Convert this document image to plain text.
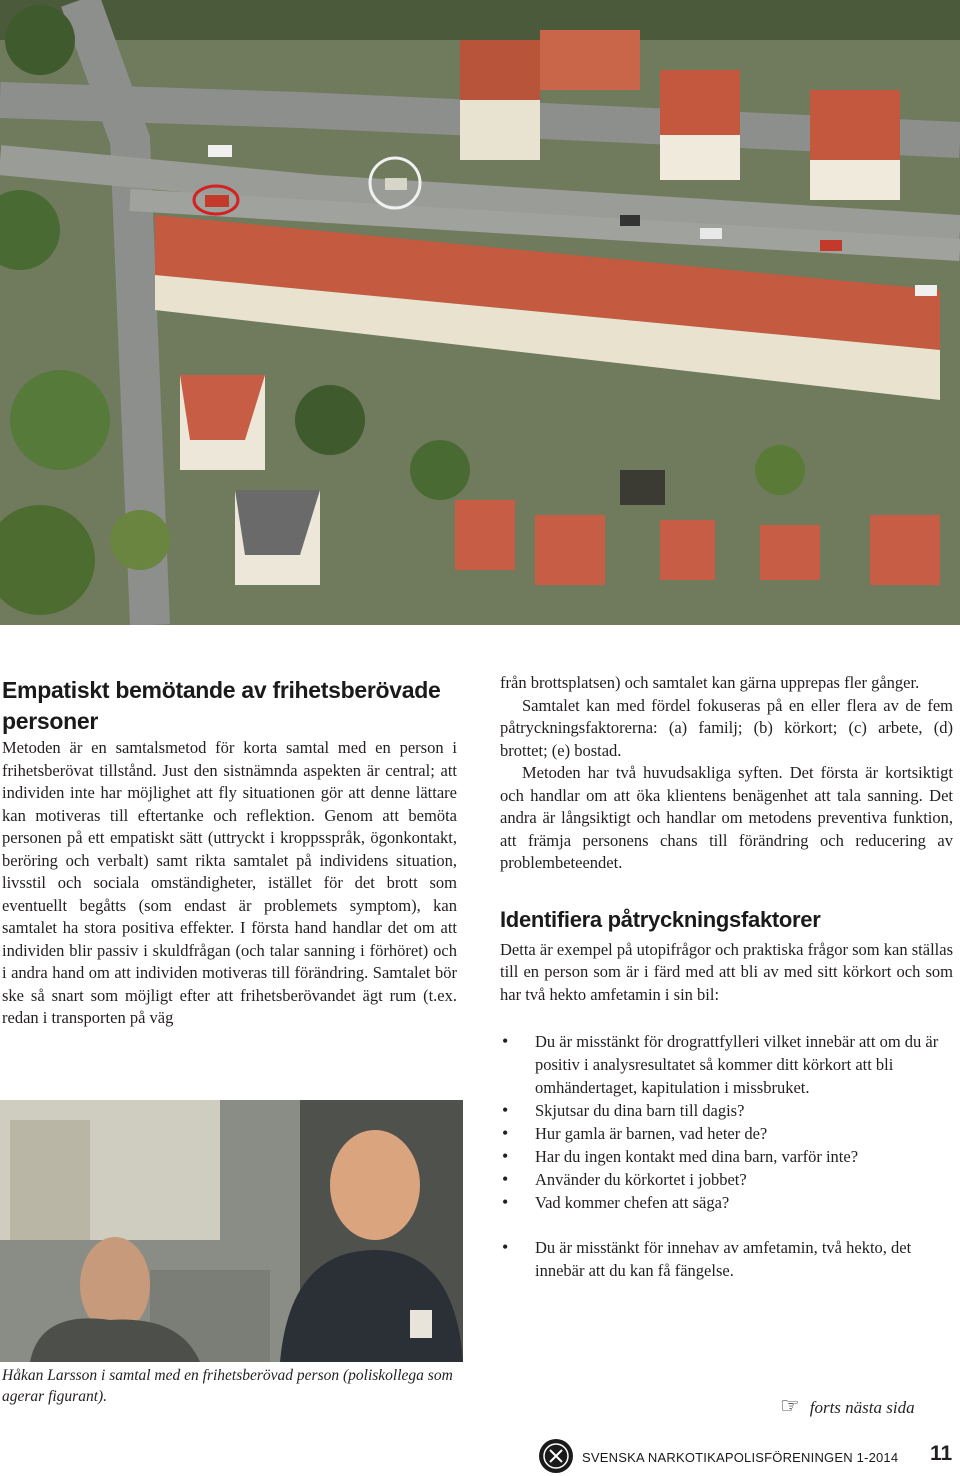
Empatiskt bemötande av frihetsberövade personer

Metoden är en samtalsmetod för korta samtal med en person i frihetsberövat tillstånd. Just den sistnämnda aspekten är central; att individen inte har möjlighet att fly situationen gör att denne lättare kan motiveras till eftertanke och reflektion. Genom att bemöta personen på ett empatiskt sätt (uttryckt i kroppsspråk, ögonkontakt, beröring och verbalt) samt rikta samtalet på individens situation, livsstil och sociala omständigheter, istället för det brott som eventuellt begåtts (som endast är problemets symptom), kan samtalet ha stora positiva effekter. I första hand handlar det om att individen blir passiv i skuldfrågan (och talar sanning i förhöret) och i andra hand om att individen motiveras till förändring. Samtalet bör ske så snart som möjligt efter att frihetsberövandet ägt rum (t.ex. redan i transporten på väg

Håkan Larsson i samtal med en frihetsberövad person (poliskollega som agerar figurant).

från brottsplatsen) och samtalet kan gärna upprepas fler gånger.

Samtalet kan med fördel fokuseras på en eller flera av de fem påtryckningsfaktorerna: (a) familj; (b) körkort; (c) arbete, (d) brottet; (e) bostad.

Metoden har två huvudsakliga syften. Det första är kortsiktigt och handlar om att öka klientens benägenhet att tala sanning. Det andra är långsiktigt och handlar om metodens preventiva funktion, att främja personens chans till förändring och reducering av problembeteendet.

Identifiera påtryckningsfaktorer

Detta är exempel på utopifrågor och praktiska frågor som kan ställas till en person som är i färd med att bli av med sitt körkort och som har två hekto amfetamin i sin bil:

• Du är misstänkt för drograttfylleri vilket innebär att om du är positiv i analysresultatet så kommer ditt körkort att bli omhändertaget, kapitulation i missbruket.
• Skjutsar du dina barn till dagis?
• Hur gamla är barnen, vad heter de?
• Har du ingen kontakt med dina barn, varför inte?
• Använder du körkortet i jobbet?
• Vad kommer chefen att säga?
• Du är misstänkt för innehav av amfetamin, två hekto, det innebär att du kan få fängelse.
☞ forts nästa sida
SVENSKA NARKOTIKAPOLISFÖRENINGEN 1-2014 11
